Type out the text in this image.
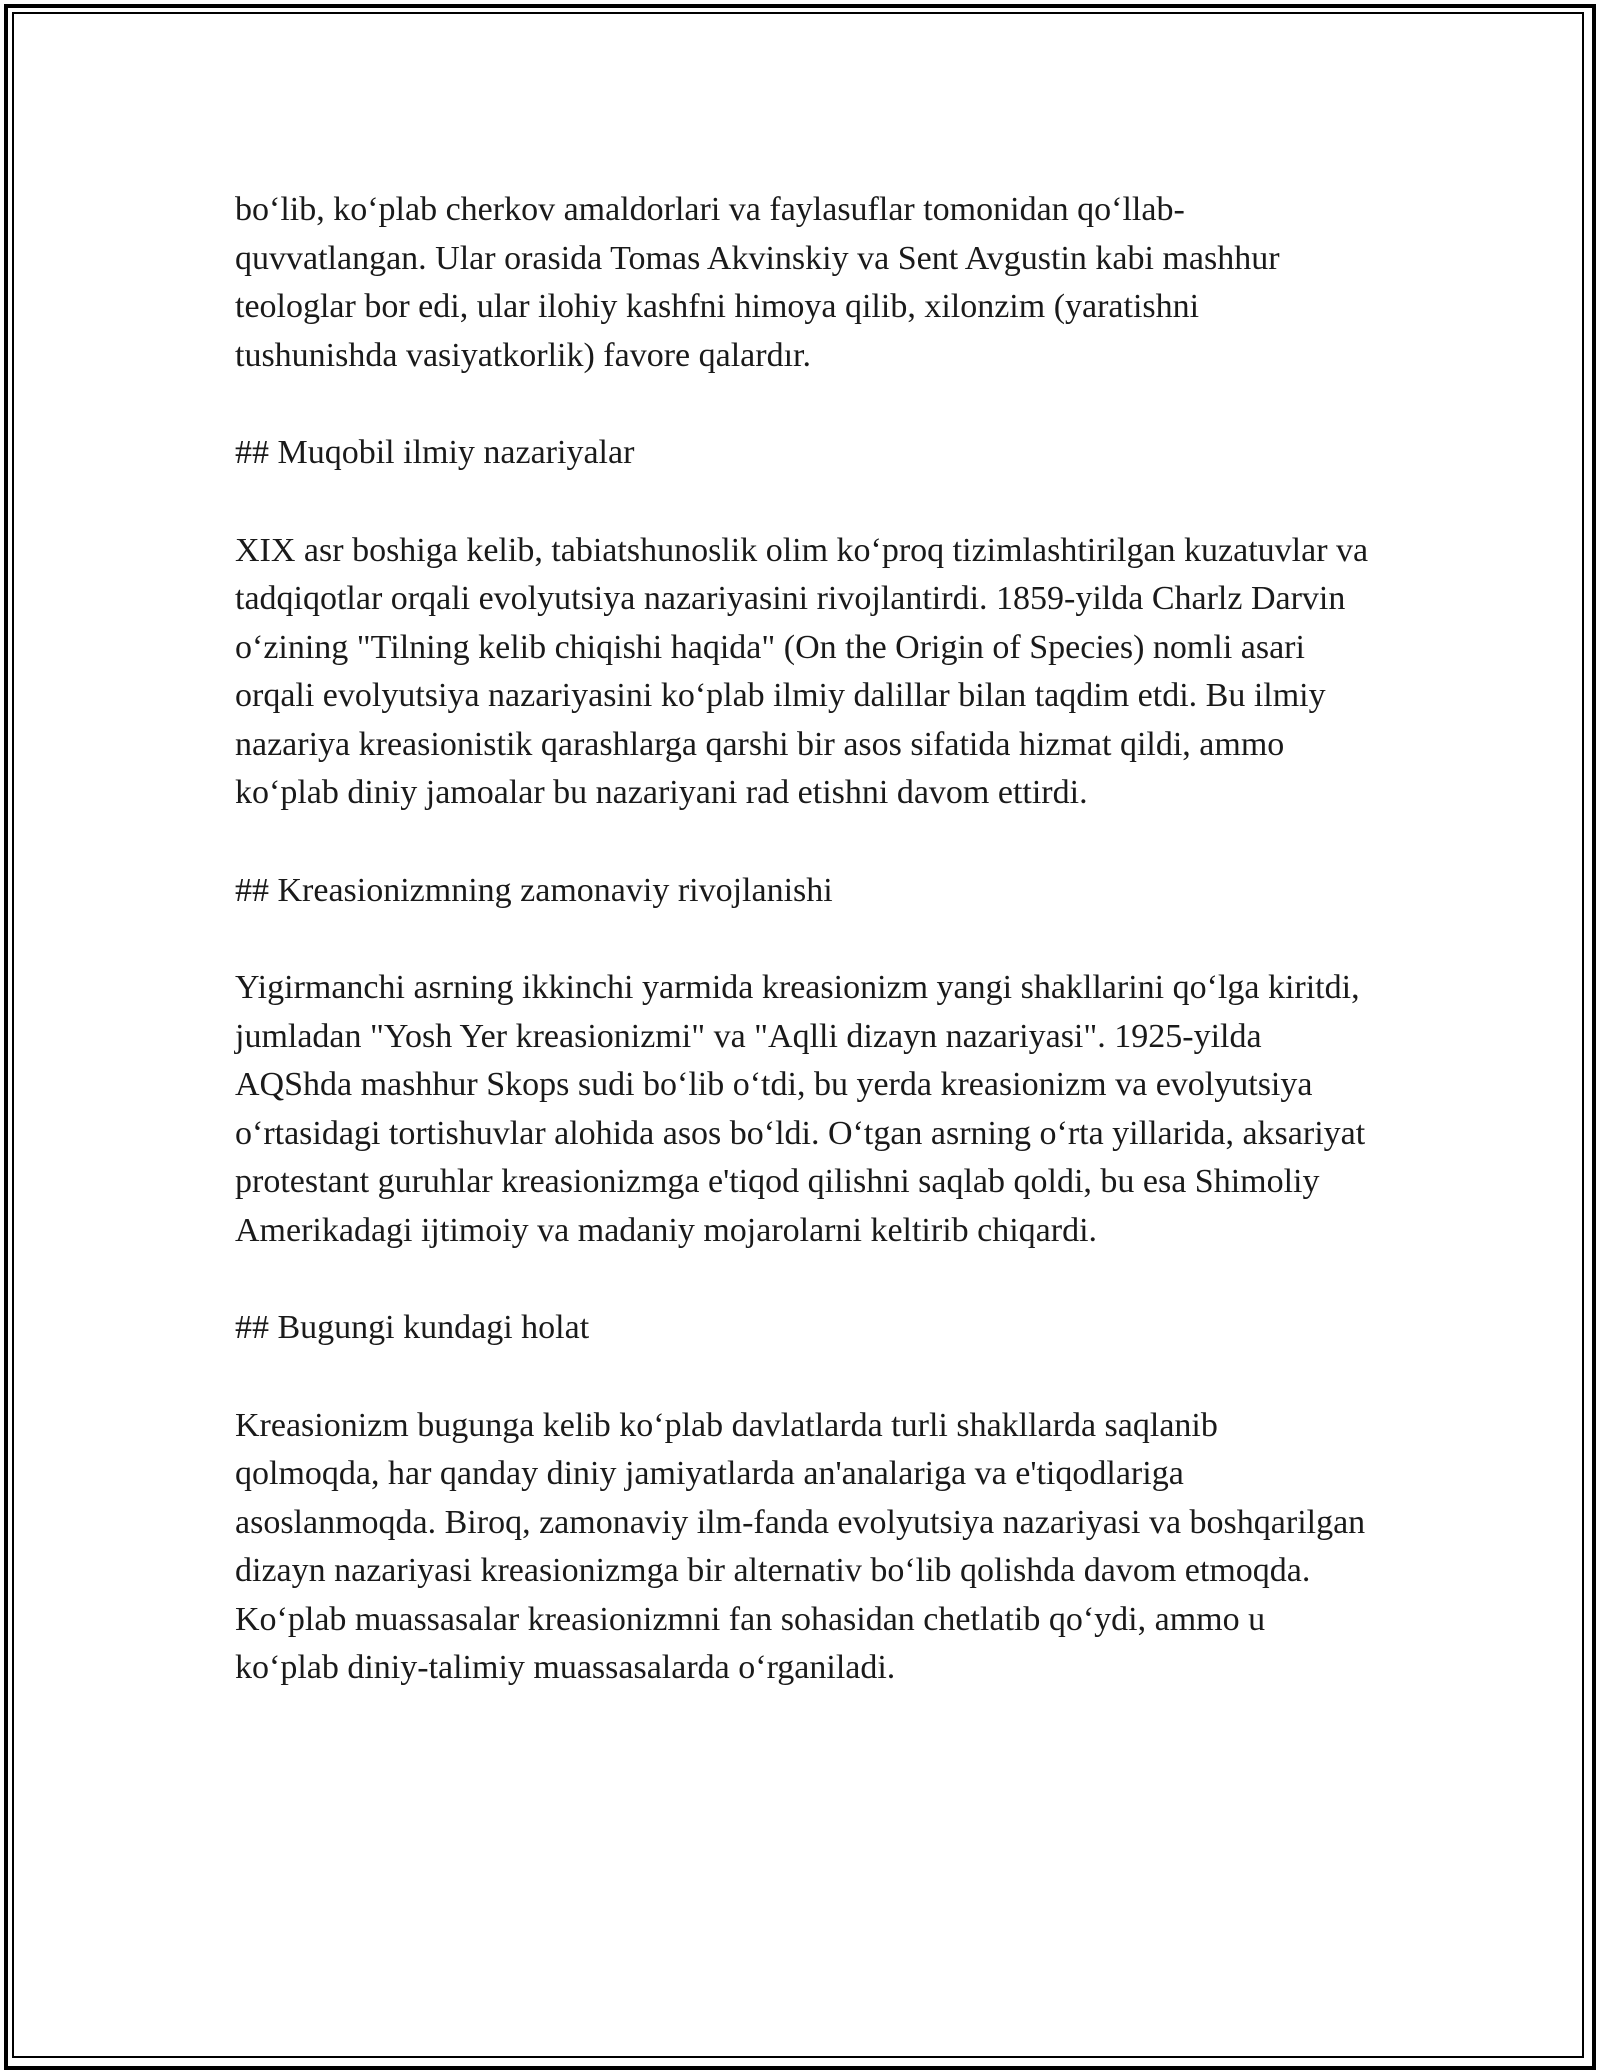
bo‘lib, ko‘plab cherkov amaldorlari va faylasuflar tomonidan qo‘llab-quvvatlangan. Ular orasida Tomas Akvinskiy va Sent Avgustin kabi mashhur teologlar bor edi, ular ilohiy kashfni himoya qilib, xilonzim (yaratishni tushunishda vasiyatkorlik) favore qalardır.

## Muqobil ilmiy nazariyalar

XIX asr boshiga kelib, tabiatshunoslik olim ko‘proq tizimlashtirilgan kuzatuvlar va tadqiqotlar orqali evolyutsiya nazariyasini rivojlantirdi. 1859-yilda Charlz Darvin o‘zining "Tilning kelib chiqishi haqida" (On the Origin of Species) nomli asari orqali evolyutsiya nazariyasini ko‘plab ilmiy dalillar bilan taqdim etdi. Bu ilmiy nazariya kreasionistik qarashlarga qarshi bir asos sifatida hizmat qildi, ammo ko‘plab diniy jamoalar bu nazariyani rad etishni davom ettirdi.

## Kreasionizmning zamonaviy rivojlanishi

Yigirmanchi asrning ikkinchi yarmida kreasionizm yangi shakllarini qo‘lga kiritdi, jumladan "Yosh Yer kreasionizmi" va "Aqlli dizayn nazariyasi". 1925-yilda AQShda mashhur Skops sudi bo‘lib o‘tdi, bu yerda kreasionizm va evolyutsiya o‘rtasidagi tortishuvlar alohida asos bo‘ldi. O‘tgan asrning o‘rta yillarida, aksariyat protestant guruhlar kreasionizmga e'tiqod qilishni saqlab qoldi, bu esa Shimoliy Amerikadagi ijtimoiy va madaniy mojarolarni keltirib chiqardi.

## Bugungi kundagi holat

Kreasionizm bugunga kelib ko‘plab davlatlarda turli shakllarda saqlanib qolmoqda, har qanday diniy jamiyatlarda an'analariga va e'tiqodlariga asoslanmoqda. Biroq, zamonaviy ilm-fanda evolyutsiya nazariyasi va boshqarilgan dizayn nazariyasi kreasionizmga bir alternativ bo‘lib qolishda davom etmoqda. Ko‘plab muassasalar kreasionizmni fan sohasidan chetlatib qo‘ydi, ammo u ko‘plab diniy-talimiy muassasalarda o‘rganiladi.
